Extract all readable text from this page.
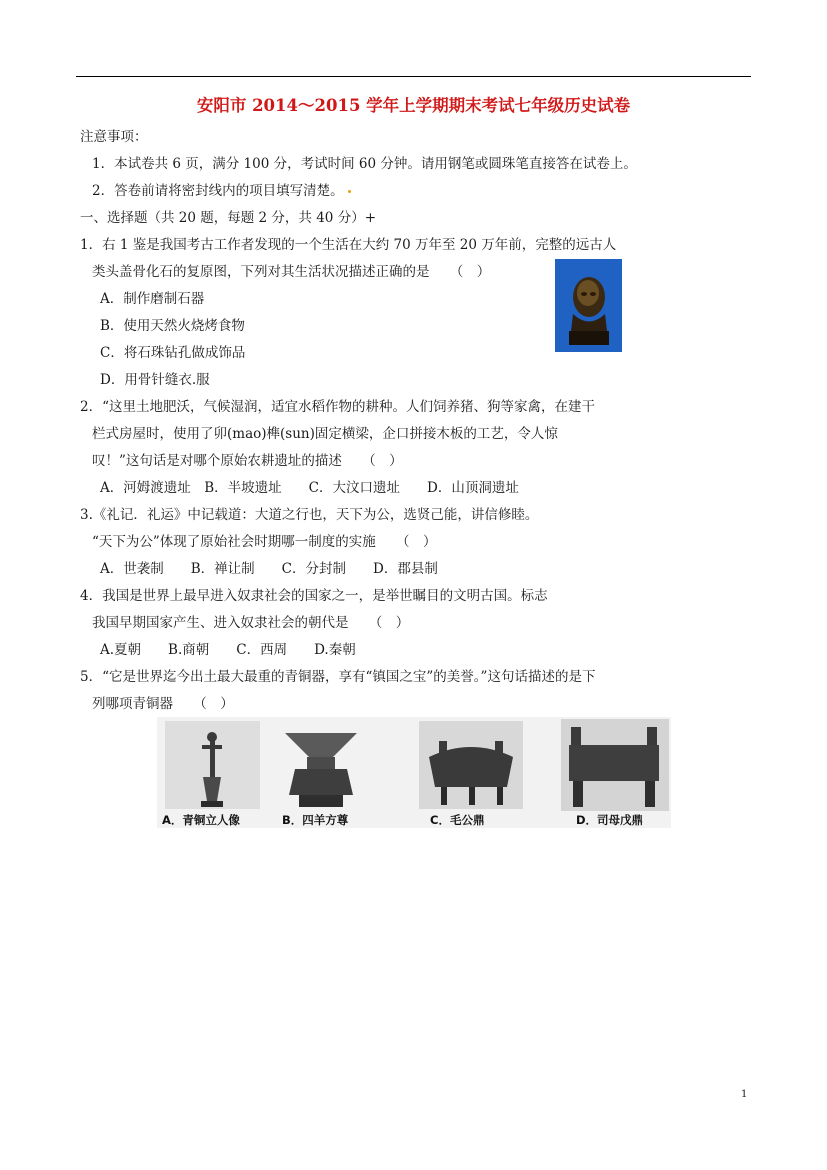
安阳市 2014～2015 学年上学期期末考试七年级历史试卷
注意事项：
1．本试卷共 6 页，满分 100 分，考试时间 60 分钟。请用钢笔或圆珠笔直接答在试卷上。
2．答卷前请将密封线内的项目填写清楚。
一、选择题（共 20 题，每题 2 分，共 40 分）+
1．右 1 鉴是我国考古工作者发现的一个生活在大约 70 万年至 20 万年前，完整的远古人
类头盖骨化石的复原图，下列对其生活状况描述正确的是　　（　）
A．制作磨制石器
B．使用天然火烧烤食物
C．将石珠钻孔做成饰品
D．用骨针缝衣.服
2．“这里土地肥沃，气候湿润，适宜水稻作物的耕种。人们饲养猪、狗等家禽，在建干
栏式房屋时，使用了卯(mao)榫(sun)固定横梁，企口拼接木板的工艺，令人惊
叹！”这句话是对哪个原始农耕遗址的描述　　（　）
A．河姆渡遗址　B．半坡遗址　　C．大汶口遗址　　D．山顶洞遗址
3.《礼记．礼运》中记载道：大道之行也，天下为公，选贤己能，讲信修睦。
“天下为公”体现了原始社会时期哪一制度的实施　　（　）
A．世袭制　　B．禅让制　　C．分封制　　D．郡县制
4．我国是世界上最早进入奴隶社会的国家之一，是举世瞩目的文明古国。标志
我国早期国家产生、进入奴隶社会的朝代是　　（　）
A.夏朝　　B.商朝　　C．西周　　D.秦朝
5．“它是世界迄今出土最大最重的青铜器，享有“镇国之宝”的美誉。”这句话描述的是下
列哪项青铜器　　（　）
A．青铜立人像	B．四羊方尊	C．毛公鼎	D．司母戊鼎
1
